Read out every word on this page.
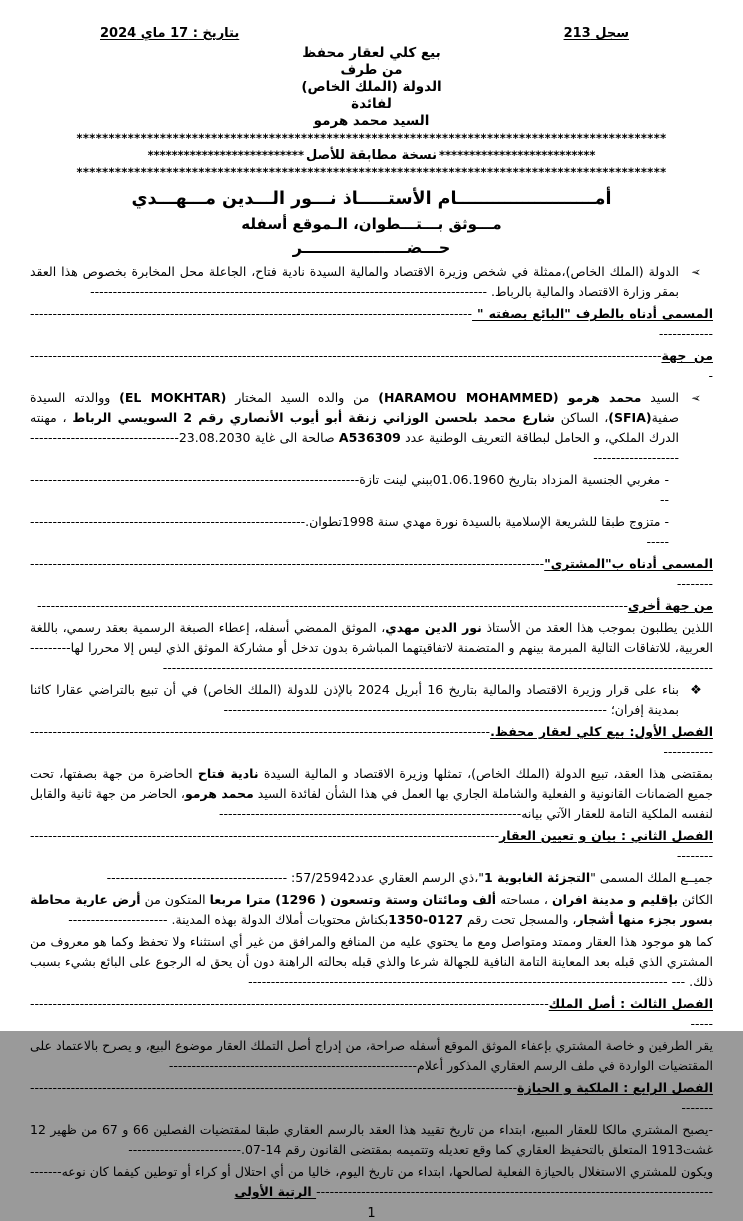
سجل 213
بتاريخ : 17 ماي 2024
بيع كلي لعقار محفظ
من طرف
الدولة (الملك الخاص)
لفائدة
السيد محمد هرمو
********************************************************************************************
**************************نسخة مطابقة للأصل**************************
********************************************************************************************
أمـــــــــــــــــــــــام الأستـــــاذ نـــور الـــدين مـــهـــدي
مـــوثق بـــتـــطوان، الـموقع أسفله
حـــضـــــــــــــــــــر
➢
الدولة (الملك الخاص)،ممثلة في شخص وزيرة الاقتصاد والمالية السيدة نادية فتاح، الجاعلة محل المخابرة بخصوص هذا العقد بمقر وزارة الاقتصاد والمالية بالرباط. ----------------------------------------------------------------------------------------
المسمى أدناه بالطرف "البائع بصفته " --------------------------------------------------------------------------------------------------------------
من جهة---------------------------------------------------------------------------------------------------------------------------------------------
➢
السيد محمد هرمو (HARAMOU MOHAMMED) من والده السيد المختار (EL MOKHTAR) ووالدته السيدة صفية(SFIA)، الساكن شارع محمد بلحسن الوزاني زنقة أبو أيوب الأنصاري رقم 2 السويسي الرباط ، مهنته الدرك الملكي، و الحامل لبطاقة التعريف الوطنية عدد A536309 صالحة الى غاية 23.08.2030----------------------------------------------------
- مغربي الجنسية المزداد بتاريخ 01.06.1960ببني لينت تازة---------------------------------------------------------------------------
- متزوج طبقا للشريعة الإسلامية بالسيدة نورة مهدي سنة 1998تطوان.------------------------------------------------------------------
المسمى أدناه ب"المشترى"--------------------------------------------------------------------------------------------------------------------------
من جهة أخرى-----------------------------------------------------------------------------------------------------------------------------------
اللذين يطلبون بموجب هذا العقد من الأستاذ نور الدين مهدي، الموثق الممضي أسفله، إعطاء الصبغة الرسمية بعقد رسمي، باللغة العربية، للاتفاقات التالية المبرمة بينهم و المتضمنة لاتفاقيتهما المباشرة بدون تدخل أو مشاركة الموثق الذي ليس إلا محررا لها-----------------------------------------------------------------------------------------------------------------------------------
❖
بناء على قرار وزيرة الاقتصاد والمالية بتاريخ 16 أبريل 2024 بالإذن للدولة (الملك الخاص) في أن تبيع بالتراضي عقارا كائنا بمدينة إفران؛ -------------------------------------------------------------------------------------
الفصل الأول: بيع كلي لعقار محفظ.-----------------------------------------------------------------------------------------------------------------
بمقتضى هذا العقد، تبيع الدولة (الملك الخاص)، تمثلها وزيرة الاقتصاد و المالية السيدة نادية فتاح الحاضرة من جهة بصفتها، تحت جميع الضمانات القانونية و الفعلية والشاملة الجاري بها العمل في هذا الشأن لفائدة السيد محمد هرمو، الحاضر من جهة ثانية والقابل لنفسه الملكية التامة للعقار الآتي بيانه-------------------------------------------------------------------
الفصل الثاني : بيان و تعيين العقار----------------------------------------------------------------------------------------------------------------
جميــع الملك المسمى "التجزئة الغابوية 1"،ذي الرسم العقاري عدد57/25942: ----------------------------------------
الكائن بإقليم و مدينة افران ، مساحته ألف ومائتان وستة وتسعون ( 1296) مترا مربعا المتكون من أرض عارية محاطة بسور بجزء منها أشجار، والمسجل تحت رقم 0127-1350بكناش محتويات أملاك الدولة بهذه المدينة. ----------------------
كما هو موجود هذا العقار وممتد ومتواصل ومع ما يحتوي عليه من المنافع والمرافق من غير أي استثناء ولا تحفظ وكما هو معروف من المشتري الذي قبله بعد المعاينة التامة النافية للجهالة شرعا والذي قبله بحالته الراهنة دون أن يحق له الرجوع على البائع بشيء بسبب ذلك. --- ---------------------------------------------------------------------------------------------
الفصل الثالث : أصل الملك------------------------------------------------------------------------------------------------------------------------
يقر الطرفين و خاصة المشتري بإعفاء الموثق الموقع أسفله صراحة، من إدراج أصل التملك العقار موضوع البيع، و يصرح بالاعتماد على المقتضيات الواردة في ملف الرسم العقاري المذكور أعلام-------------------------------------------------------
الفصل الرابع : الملكية و الحيازة-------------------------------------------------------------------------------------------------------------------
-يصبح المشتري مالكا للعقار المبيع، ابتداء من تاريخ تقييد هذا العقد بالرسم العقاري طبقا لمقتضيات الفصلين 66 و 67 من ظهير 12 غشت1913 المتعلق بالتحفيظ العقاري كما وقع تعديله وتتميمه بمقتضى القانون رقم 14-07.-------------------------
ويكون للمشتري الاستغلال بالحيازة الفعلية لصالحها، ابتداء من تاريخ اليوم، خاليا من أي احتلال أو كراء أو توطين كيفما كان نوعه----------------------------------------------------------------------------------------------- الرتبة الأولى
1
